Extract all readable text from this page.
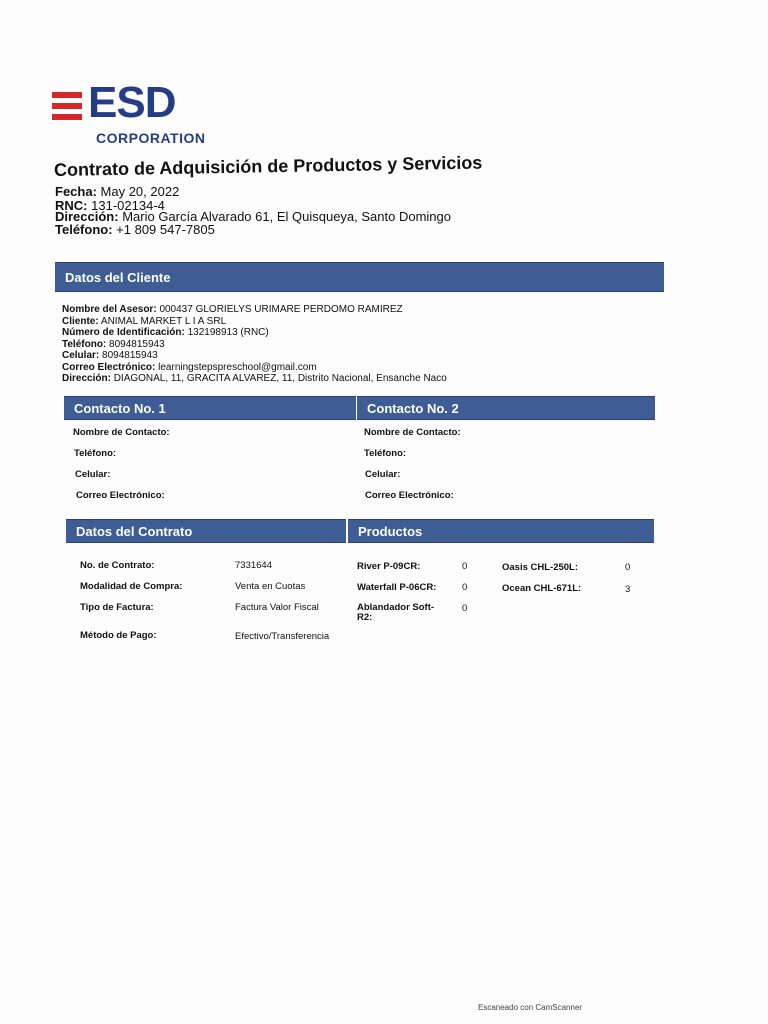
ESD
CORPORATION
Contrato de Adquisición de Productos y Servicios
Fecha: May 20, 2022
RNC: 131-02134-4
Dirección: Mario García Alvarado 61, El Quisqueya, Santo Domingo
Teléfono: +1 809 547-7805
Datos del Cliente
Nombre del Asesor: 000437 GLORIELYS URIMARE PERDOMO RAMIREZ
Cliente: ANIMAL MARKET L I A SRL
Número de Identificación: 132198913 (RNC)
Teléfono: 8094815943
Celular: 8094815943
Correo Electrónico: learningstepspreschool@gmail.com
Dirección: DIAGONAL, 11, GRACITA ALVAREZ, 11, Distrito Nacional, Ensanche Naco
Contacto No. 1	Contacto No. 2
Nombre de Contacto:
Teléfono:
Celular:
Correo Electrónico:
Nombre de Contacto:
Teléfono:
Celular:
Correo Electrónico:
Datos del Contrato	Productos
No. de Contrato:	7331644
Modalidad de Compra:	Venta en Cuotas
Tipo de Factura:	Factura Valor Fiscal
Método de Pago:	Efectivo/Transferencia
River P-09CR:	0
Waterfall P-06CR:	0
Ablandador Soft-
R2:
0
Oasis CHL-250L:	0
Ocean CHL-671L:	3
Escaneado con CamScanner
